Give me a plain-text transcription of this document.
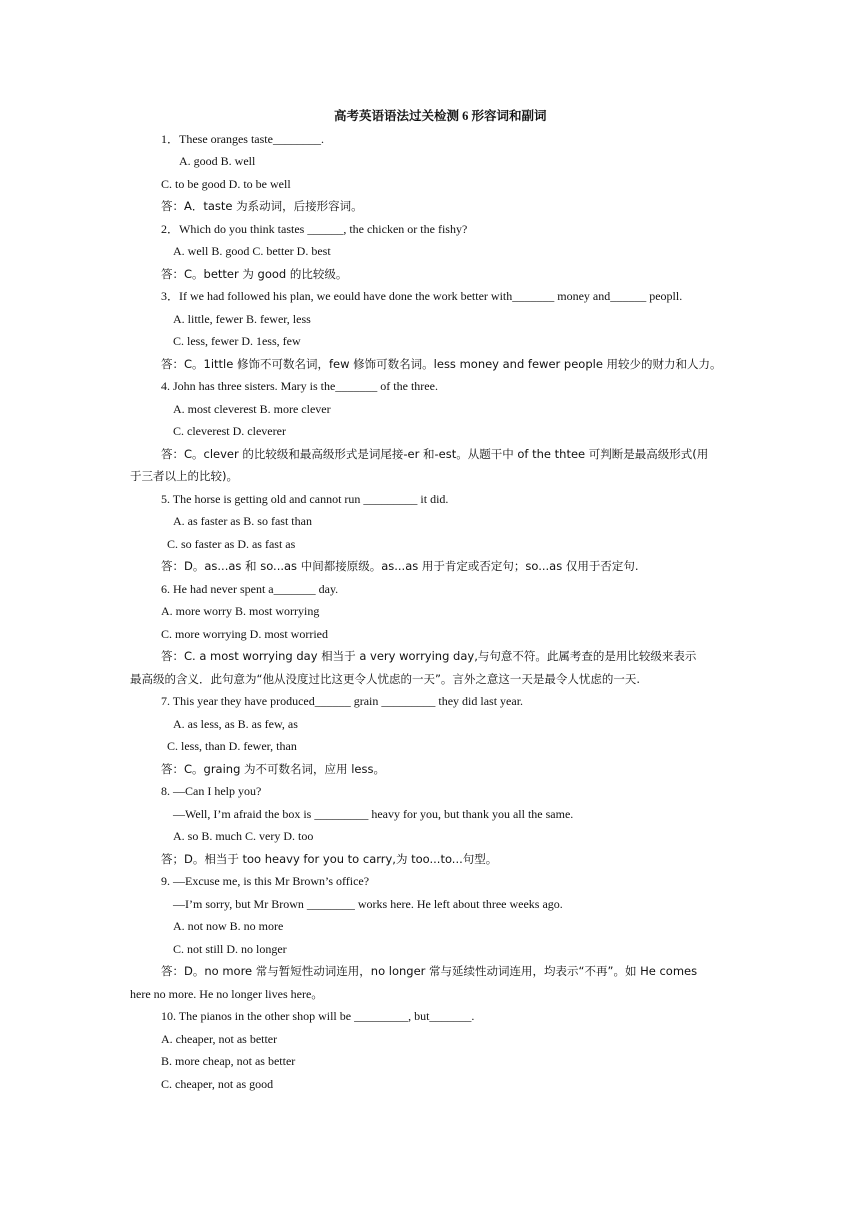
高考英语语法过关检测 6 形容词和副词
1．These oranges taste________.
A. good B. well
C. to be good D. to be well
答：A．taste 为系动词，后接形容词。
2．Which do you think tastes ______, the chicken or the fishy?
A. well B. good C. better D. best
答：C。better 为 good 的比较级。
3．If we had followed his plan, we eould have done the work better with_______ money and______ peopll.
A. little, fewer B. fewer, less
C. less, fewer D. 1ess, few
答：C。1ittle 修饰不可数名词，few 修饰可数名词。less money and fewer people 用较少的财力和人力。
4. John has three sisters. Mary is the_______ of the three.
A. most cleverest B. more clever
C. cleverest D. cleverer
答：C。clever 的比较级和最高级形式是词尾接-er 和-est。从题干中 of the thtee 可判断是最高级形式(用
于三者以上的比较)。
5. The horse is getting old and cannot run _________ it did.
A. as faster as B. so fast than
C. so faster as D. as fast as
答：D。as...as 和 so...as 中间都接原级。as...as 用于肯定或否定句；so...as 仅用于否定句.
6. He had never spent a_______ day.
A. more worry B. most worrying
C. more worrying D. most worried
答：C. a most worrying day 相当于 a very worrying day,与句意不符。此属考查的是用比较级来表示
最高级的含义．此句意为“他从没度过比这更令人忧虑的一天”。言外之意这一天是最令人忧虑的一天.
7. This year they have produced______ grain _________ they did last year.
A. as less, as B. as few, as
C. less, than D. fewer, than
答：C。graing 为不可数名词，应用 less。
8. —Can I help you?
—Well, I’m afraid the box is _________ heavy for you, but thank you all the same.
A. so B. much C. very D. too
答；D。相当于 too heavy for you to carry,为 too...to...句型。
9. —Excuse me, is this Mr Brown’s office?
—I’m sorry, but Mr Brown ________ works here. He left about three weeks ago.
A. not now B. no more
C. not still D. no longer
答：D。no more 常与暂短性动词连用，no longer 常与延续性动词连用，均表示“不再”。如 He comes
here no more. He no longer lives here。
10. The pianos in the other shop will be _________, but_______.
A. cheaper, not as better
B. more cheap, not as better
C. cheaper, not as good
